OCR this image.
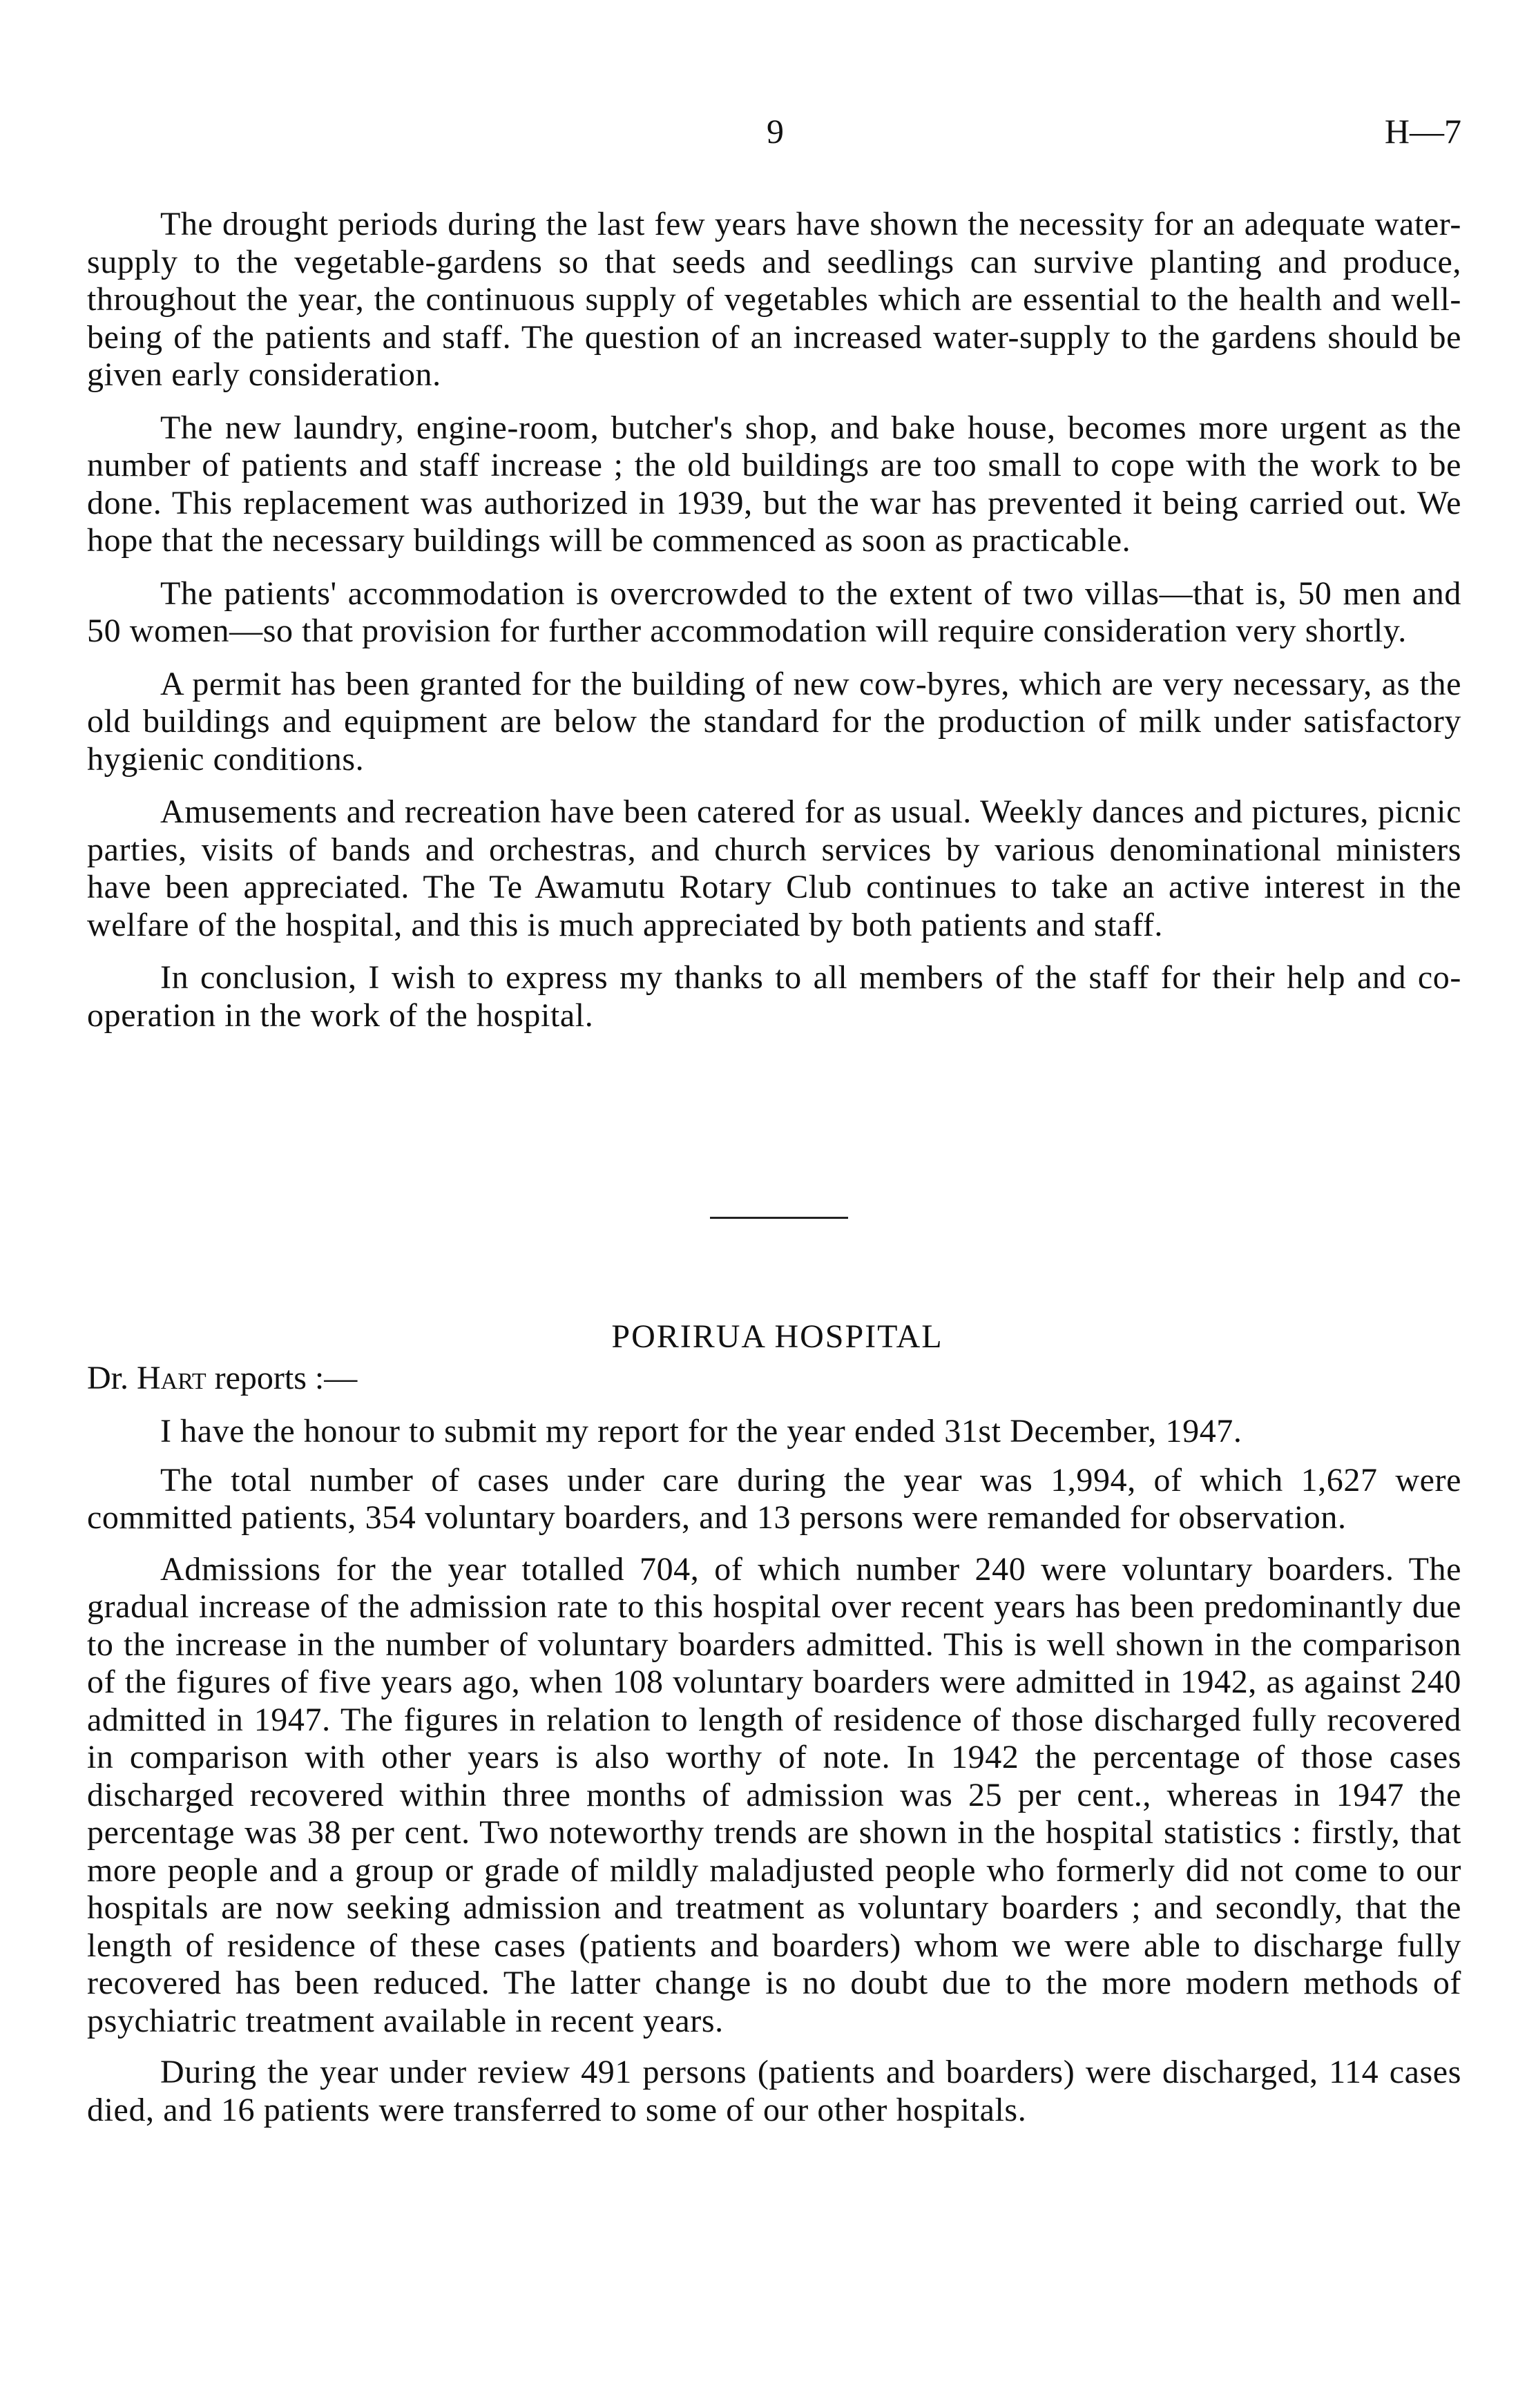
9	H—7

The drought periods during the last few years have shown the necessity for an adequate water-supply to the vegetable-gardens so that seeds and seedlings can survive planting and produce, throughout the year, the continuous supply of vegetables which are essential to the health and well-being of the patients and staff. The question of an increased water-supply to the gardens should be given early consideration.

The new laundry, engine-room, butcher's shop, and bake house, becomes more urgent as the number of patients and staff increase ; the old buildings are too small to cope with the work to be done. This replacement was authorized in 1939, but the war has prevented it being carried out. We hope that the necessary buildings will be commenced as soon as practicable.

The patients' accommodation is overcrowded to the extent of two villas—that is, 50 men and 50 women—so that provision for further accommodation will require consideration very shortly.

A permit has been granted for the building of new cow-byres, which are very necessary, as the old buildings and equipment are below the standard for the production of milk under satisfactory hygienic conditions.

Amusements and recreation have been catered for as usual. Weekly dances and pictures, picnic parties, visits of bands and orchestras, and church services by various denominational ministers have been appreciated. The Te Awamutu Rotary Club continues to take an active interest in the welfare of the hospital, and this is much appreciated by both patients and staff.

In conclusion, I wish to express my thanks to all members of the staff for their help and co-operation in the work of the hospital.

PORIRUA HOSPITAL
Dr. Hart reports :—

I have the honour to submit my report for the year ended 31st December, 1947.

The total number of cases under care during the year was 1,994, of which 1,627 were committed patients, 354 voluntary boarders, and 13 persons were remanded for observation.

Admissions for the year totalled 704, of which number 240 were voluntary boarders. The gradual increase of the admission rate to this hospital over recent years has been predominantly due to the increase in the number of voluntary boarders admitted. This is well shown in the comparison of the figures of five years ago, when 108 voluntary boarders were admitted in 1942, as against 240 admitted in 1947. The figures in relation to length of residence of those discharged fully recovered in comparison with other years is also worthy of note. In 1942 the percentage of those cases discharged recovered within three months of admission was 25 per cent., whereas in 1947 the percentage was 38 per cent. Two noteworthy trends are shown in the hospital statistics : firstly, that more people and a group or grade of mildly maladjusted people who formerly did not come to our hospitals are now seeking admission and treatment as voluntary boarders ; and secondly, that the length of residence of these cases (patients and boarders) whom we were able to discharge fully recovered has been reduced. The latter change is no doubt due to the more modern methods of psychiatric treatment available in recent years.

During the year under review 491 persons (patients and boarders) were discharged, 114 cases died, and 16 patients were transferred to some of our other hospitals.
